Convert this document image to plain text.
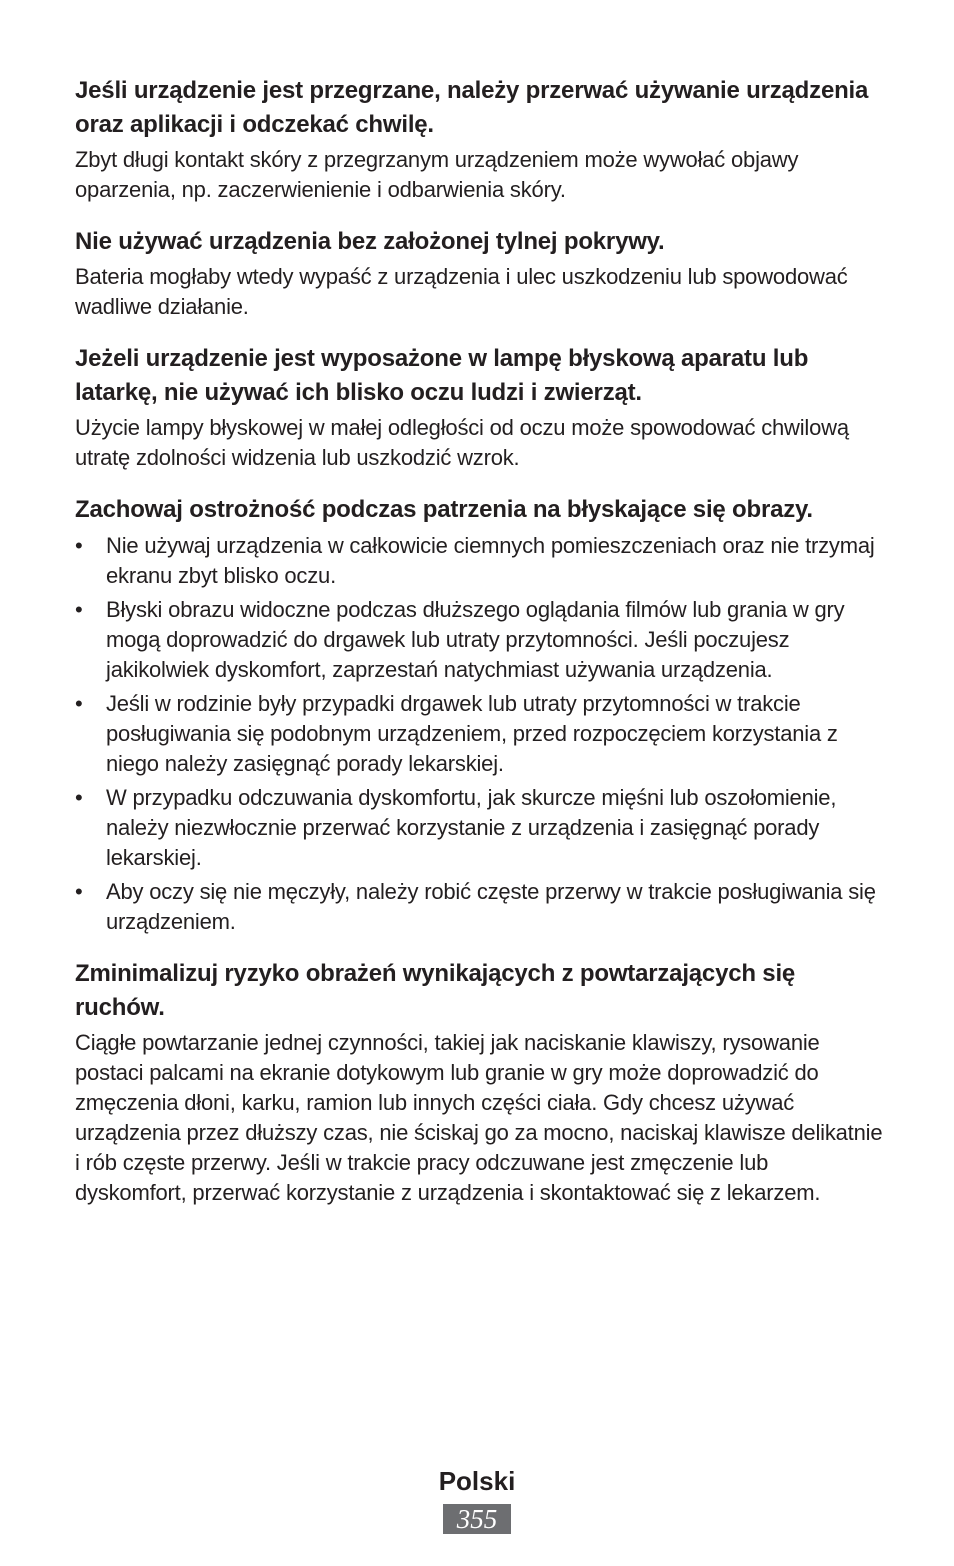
Jeśli urządzenie jest przegrzane, należy przerwać używanie urządzenia oraz aplikacji i odczekać chwilę.

Zbyt długi kontakt skóry z przegrzanym urządzeniem może wywołać objawy oparzenia, np. zaczerwienienie i odbarwienia skóry.

Nie używać urządzenia bez założonej tylnej pokrywy.

Bateria mogłaby wtedy wypaść z urządzenia i ulec uszkodzeniu lub spowodować wadliwe działanie.

Jeżeli urządzenie jest wyposażone w lampę błyskową aparatu lub latarkę, nie używać ich blisko oczu ludzi i zwierząt.

Użycie lampy błyskowej w małej odległości od oczu może spowodować chwilową utratę zdolności widzenia lub uszkodzić wzrok.

Zachowaj ostrożność podczas patrzenia na błyskające się obrazy.
• Nie używaj urządzenia w całkowicie ciemnych pomieszczeniach oraz nie trzymaj ekranu zbyt blisko oczu.
• Błyski obrazu widoczne podczas dłuższego oglądania filmów lub grania w gry mogą doprowadzić do drgawek lub utraty przytomności. Jeśli poczujesz jakikolwiek dyskomfort, zaprzestań natychmiast używania urządzenia.
• Jeśli w rodzinie były przypadki drgawek lub utraty przytomności w trakcie posługiwania się podobnym urządzeniem, przed rozpoczęciem korzystania z niego należy zasięgnąć porady lekarskiej.
• W przypadku odczuwania dyskomfortu, jak skurcze mięśni lub oszołomienie, należy niezwłocznie przerwać korzystanie z urządzenia i zasięgnąć porady lekarskiej.
• Aby oczy się nie męczyły, należy robić częste przerwy w trakcie posługiwania się urządzeniem.
Zminimalizuj ryzyko obrażeń wynikających z powtarzających się ruchów.

Ciągłe powtarzanie jednej czynności, takiej jak naciskanie klawiszy, rysowanie postaci palcami na ekranie dotykowym lub granie w gry może doprowadzić do zmęczenia dłoni, karku, ramion lub innych części ciała. Gdy chcesz używać urządzenia przez dłuższy czas, nie ściskaj go za mocno, naciskaj klawisze delikatnie i rób częste przerwy. Jeśli w trakcie pracy odczuwane jest zmęczenie lub dyskomfort, przerwać korzystanie z urządzenia i skontaktować się z lekarzem.

Polski
355
